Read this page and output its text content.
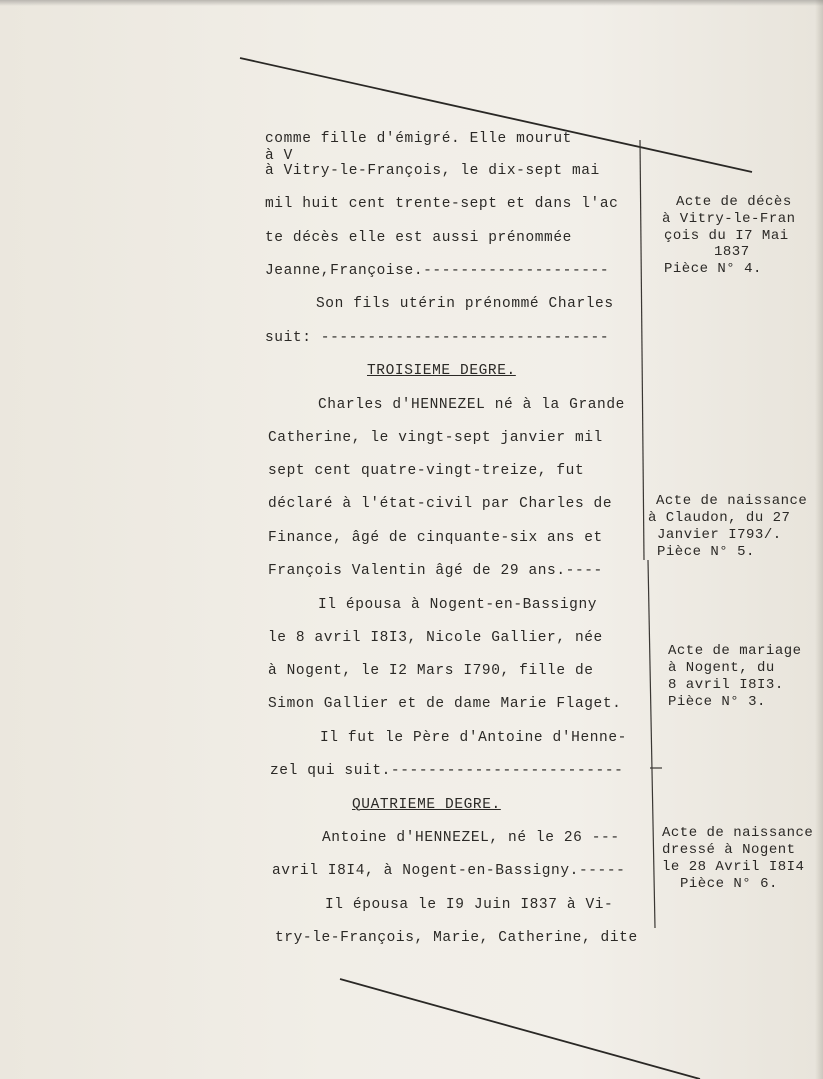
comme fille d'émigré. Elle mourut
à V
à Vitry-le-François, le dix-sept mai
mil huit cent trente-sept et dans l'ac
te décès elle est aussi prénommée
Jeanne,Françoise.--------------------
Son fils utérin prénommé Charles
suit: -------------------------------
TROISIEME DEGRE.
Charles d'HENNEZEL né à la Grande
Catherine, le vingt-sept janvier mil
sept cent quatre-vingt-treize, fut
déclaré à l'état-civil par Charles de
Finance, âgé de cinquante-six ans et
François Valentin âgé de 29 ans.----
Il épousa à Nogent-en-Bassigny
le 8 avril I8I3, Nicole Gallier, née
à Nogent, le I2 Mars I790, fille de
Simon Gallier et de dame Marie Flaget.
Il fut le Père d'Antoine d'Henne-
zel qui suit.-------------------------
QUATRIEME DEGRE.
Antoine d'HENNEZEL, né le 26 ---
avril I8I4, à Nogent-en-Bassigny.-----
Il épousa le I9 Juin I837 à Vi-
try-le-François, Marie, Catherine, dite
Acte de décès
à Vitry-le-Fran
çois du I7 Mai
1837
Pièce N° 4.
Acte de naissance
à Claudon, du 27
Janvier I793/.
Pièce N° 5.
Acte de mariage
à Nogent, du
8 avril I8I3.
Pièce N° 3.
Acte de naissance
dressé à Nogent
le 28 Avril I8I4
Pièce N° 6.
